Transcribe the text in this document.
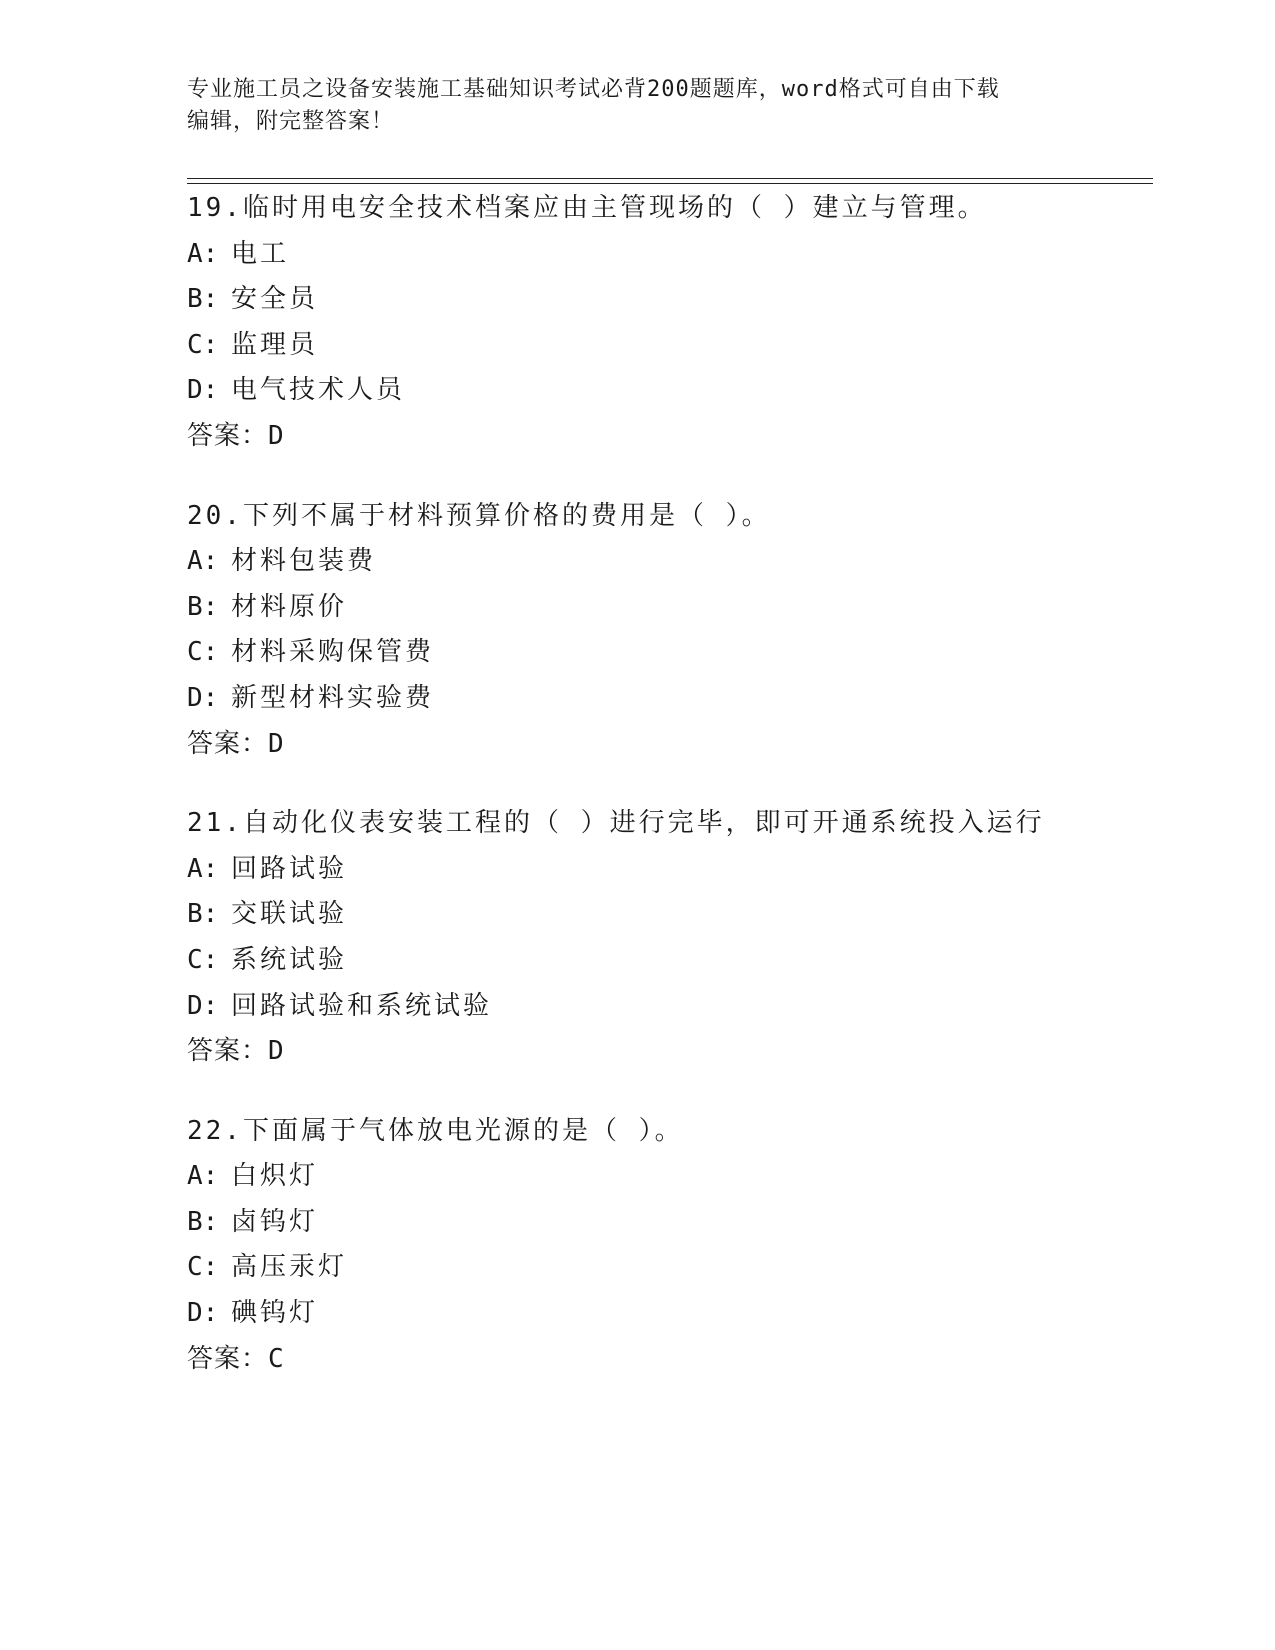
专业施工员之设备安装施工基础知识考试必背200题题库，word格式可自由下载
编辑，附完整答案！
19.临时用电安全技术档案应由主管现场的（ ）建立与管理。
A: 电工
B: 安全员
C: 监理员
D: 电气技术人员
答案：D
20.下列不属于材料预算价格的费用是（ ）。
A: 材料包装费
B: 材料原价
C: 材料采购保管费
D: 新型材料实验费
答案：D
21.自动化仪表安装工程的（ ）进行完毕，即可开通系统投入运行
A: 回路试验
B: 交联试验
C: 系统试验
D: 回路试验和系统试验
答案：D
22.下面属于气体放电光源的是（ ）。
A: 白炽灯
B: 卤钨灯
C: 高压汞灯
D: 碘钨灯
答案：C
